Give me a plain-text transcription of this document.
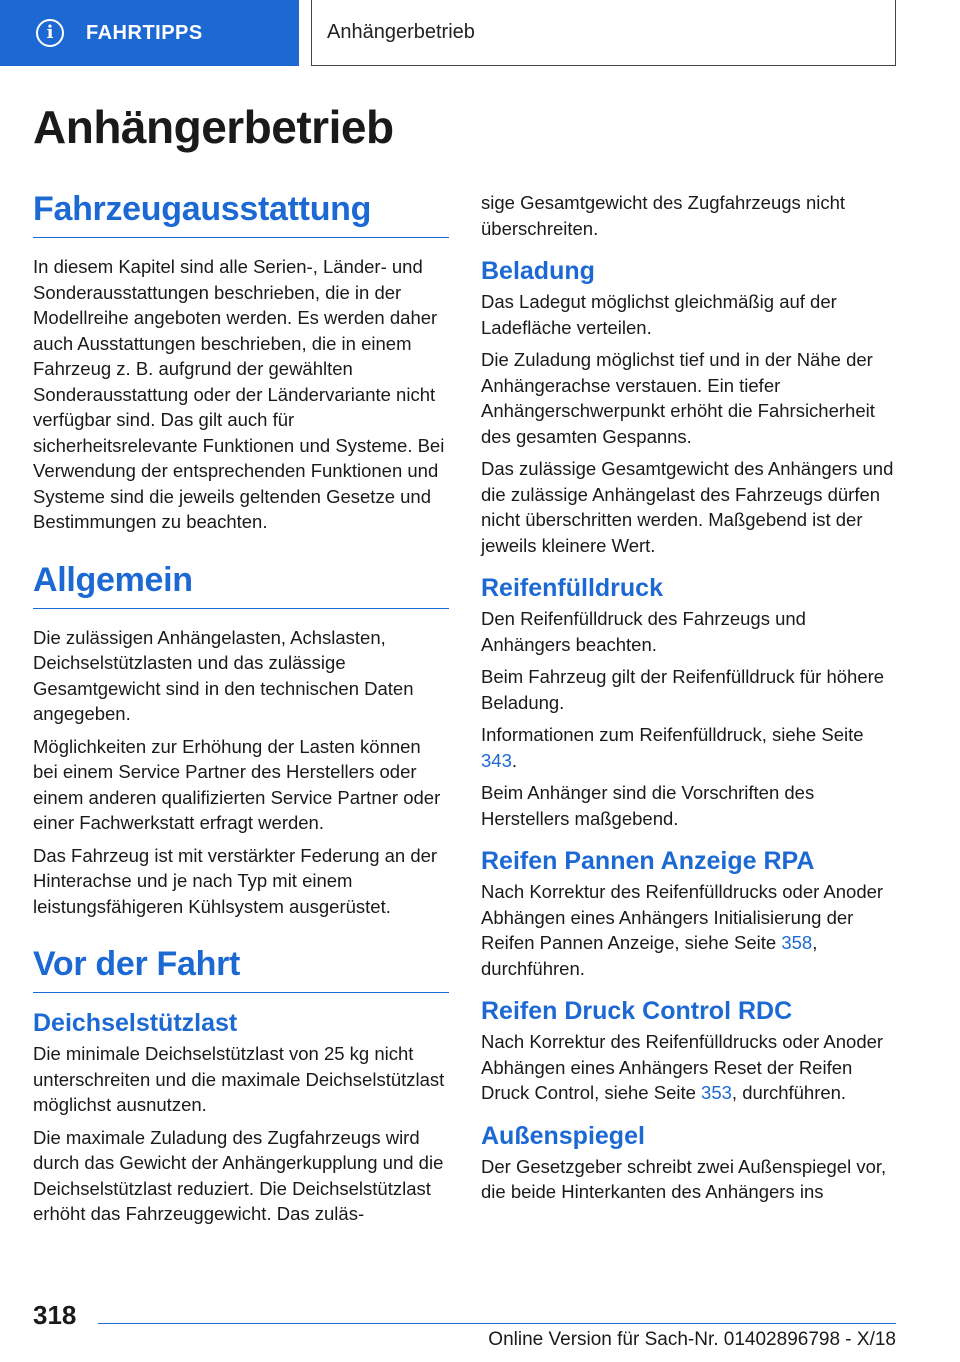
i	FAHRTIPPS	Anhängerbetrieb
Anhängerbetrieb
Fahrzeugausstattung

In diesem Kapitel sind alle Serien-, Länder- und Sonderausstattungen beschrieben, die in der Modellreihe angeboten werden. Es werden daher auch Ausstattungen beschrieben, die in einem Fahrzeug z. B. aufgrund der gewählten Sonderausstattung oder der Ländervariante nicht verfügbar sind. Das gilt auch für sicherheitsrelevante Funktionen und Systeme. Bei Verwendung der entsprechenden Funktionen und Systeme sind die jeweils geltenden Gesetze und Bestimmungen zu beachten.

Allgemein

Die zulässigen Anhängelasten, Achslasten, Deichselstützlasten und das zulässige Gesamtgewicht sind in den technischen Daten angegeben.

Möglichkeiten zur Erhöhung der Lasten können bei einem Service Partner des Herstellers oder einem anderen qualifizierten Service Partner oder einer Fachwerkstatt erfragt werden.

Das Fahrzeug ist mit verstärkter Federung an der Hinterachse und je nach Typ mit einem leistungsfähigeren Kühlsystem ausgerüstet.

Vor der Fahrt
Deichselstützlast

Die minimale Deichselstützlast von 25 kg nicht unterschreiten und die maximale Deichselstützlast möglichst ausnutzen.

Die maximale Zuladung des Zugfahrzeugs wird durch das Gewicht der Anhängerkupplung und die Deichselstützlast reduziert. Die Deichselstützlast erhöht das Fahrzeuggewicht. Das zuläs-

sige Gesamtgewicht des Zugfahrzeugs nicht überschreiten.

Beladung

Das Ladegut möglichst gleichmäßig auf der Ladefläche verteilen.

Die Zuladung möglichst tief und in der Nähe der Anhängerachse verstauen. Ein tiefer Anhängerschwerpunkt erhöht die Fahrsicherheit des gesamten Gespanns.

Das zulässige Gesamtgewicht des Anhängers und die zulässige Anhängelast des Fahrzeugs dürfen nicht überschritten werden. Maßgebend ist der jeweils kleinere Wert.

Reifenfülldruck

Den Reifenfülldruck des Fahrzeugs und Anhängers beachten.

Beim Fahrzeug gilt der Reifenfülldruck für höhere Beladung.

Informationen zum Reifenfülldruck, siehe Seite 343.

Beim Anhänger sind die Vorschriften des Herstellers maßgebend.

Reifen Pannen Anzeige RPA

Nach Korrektur des Reifenfülldrucks oder Anoder Abhängen eines Anhängers Initialisierung der Reifen Pannen Anzeige, siehe Seite 358, durchführen.

Reifen Druck Control RDC

Nach Korrektur des Reifenfülldrucks oder Anoder Abhängen eines Anhängers Reset der Reifen Druck Control, siehe Seite 353, durchführen.

Außenspiegel

Der Gesetzgeber schreibt zwei Außenspiegel vor, die beide Hinterkanten des Anhängers ins

318
Online Version für Sach-Nr. 01402896798 - X/18
